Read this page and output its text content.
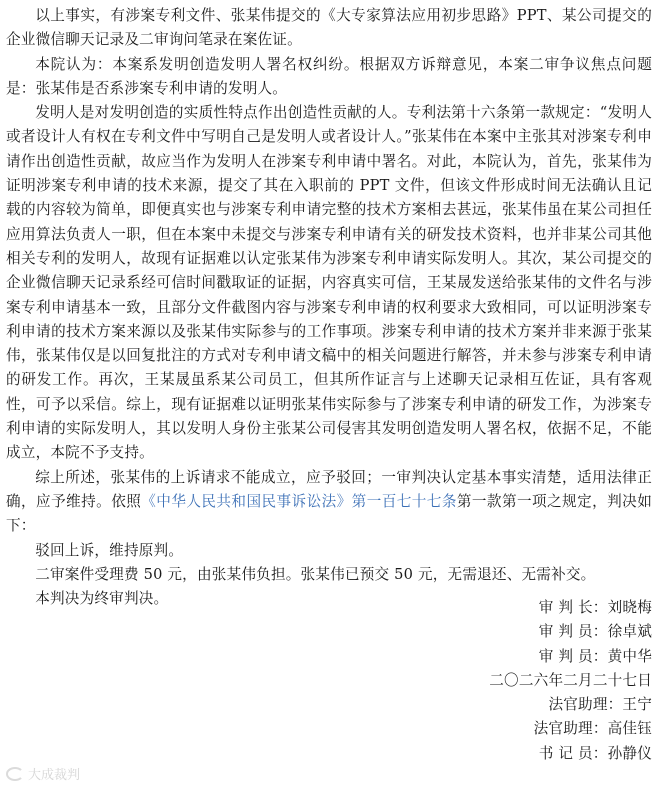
以上事实，有涉案专利文件、张某伟提交的《大专家算法应用初步思路》PPT、某公司提交的企业微信聊天记录及二审询问笔录在案佐证。

本院认为：本案系发明创造发明人署名权纠纷。根据双方诉辩意见，本案二审争议焦点问题是：张某伟是否系涉案专利申请的发明人。

发明人是对发明创造的实质性特点作出创造性贡献的人。专利法第十六条第一款规定：“发明人或者设计人有权在专利文件中写明自己是发明人或者设计人。”张某伟在本案中主张其对涉案专利申请作出创造性贡献，故应当作为发明人在涉案专利申请中署名。对此，本院认为，首先，张某伟为证明涉案专利申请的技术来源，提交了其在入职前的 PPT 文件，但该文件形成时间无法确认且记载的内容较为简单，即便真实也与涉案专利申请完整的技术方案相去甚远，张某伟虽在某公司担任应用算法负责人一职，但在本案中未提交与涉案专利申请有关的研发技术资料，也并非某公司其他相关专利的发明人，故现有证据难以认定张某伟为涉案专利申请实际发明人。其次，某公司提交的企业微信聊天记录系经可信时间戳取证的证据，内容真实可信，王某晟发送给张某伟的文件名与涉案专利申请基本一致，且部分文件截图内容与涉案专利申请的权利要求大致相同，可以证明涉案专利申请的技术方案来源以及张某伟实际参与的工作事项。涉案专利申请的技术方案并非来源于张某伟，张某伟仅是以回复批注的方式对专利申请文稿中的相关问题进行解答，并未参与涉案专利申请的研发工作。再次，王某晟虽系某公司员工，但其所作证言与上述聊天记录相互佐证，具有客观性，可予以采信。综上，现有证据难以证明张某伟实际参与了涉案专利申请的研发工作，为涉案专利申请的实际发明人，其以发明人身份主张某公司侵害其发明创造发明人署名权，依据不足，不能成立，本院不予支持。

综上所述，张某伟的上诉请求不能成立，应予驳回；一审判决认定基本事实清楚，适用法律正确，应予维持。依照《中华人民共和国民事诉讼法》第一百七十七条第一款第一项之规定，判决如下：

驳回上诉，维持原判。

二审案件受理费 50 元，由张某伟负担。张某伟已预交 50 元，无需退还、无需补交。

本判决为终审判决。

审 判 长：刘晓梅

审 判 员：徐卓斌

审 判 员：黄中华

二〇二六年二月二十七日

法官助理：王宁

法官助理：高佳钰

书 记 员：孙静仪

大成裁判
